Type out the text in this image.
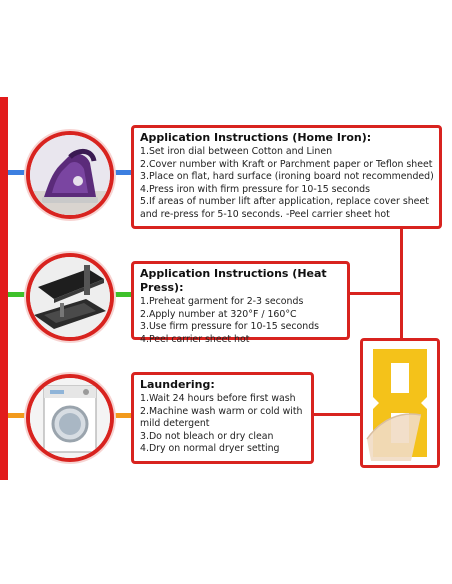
Application Instructions (Home Iron):
1.Set iron dial between Cotton and Linen
2.Cover number with Kraft or Parchment paper or Teflon sheet
3.Place on flat, hard surface (ironing board not recommended)
4.Press iron with firm pressure for 10-15 seconds
5.If areas of number lift after application, replace cover sheet and re-press for 5-10 seconds. -Peel carrier sheet hot
Application Instructions (Heat Press):
1.Preheat garment for 2-3 seconds
2.Apply number at 320°F / 160°C
3.Use firm pressure for 10-15 seconds
4.Peel carrier sheet hot
Laundering:
1.Wait 24 hours before first wash
2.Machine wash warm or cold with mild detergent
3.Do not bleach or dry clean
4.Dry on normal dryer setting
